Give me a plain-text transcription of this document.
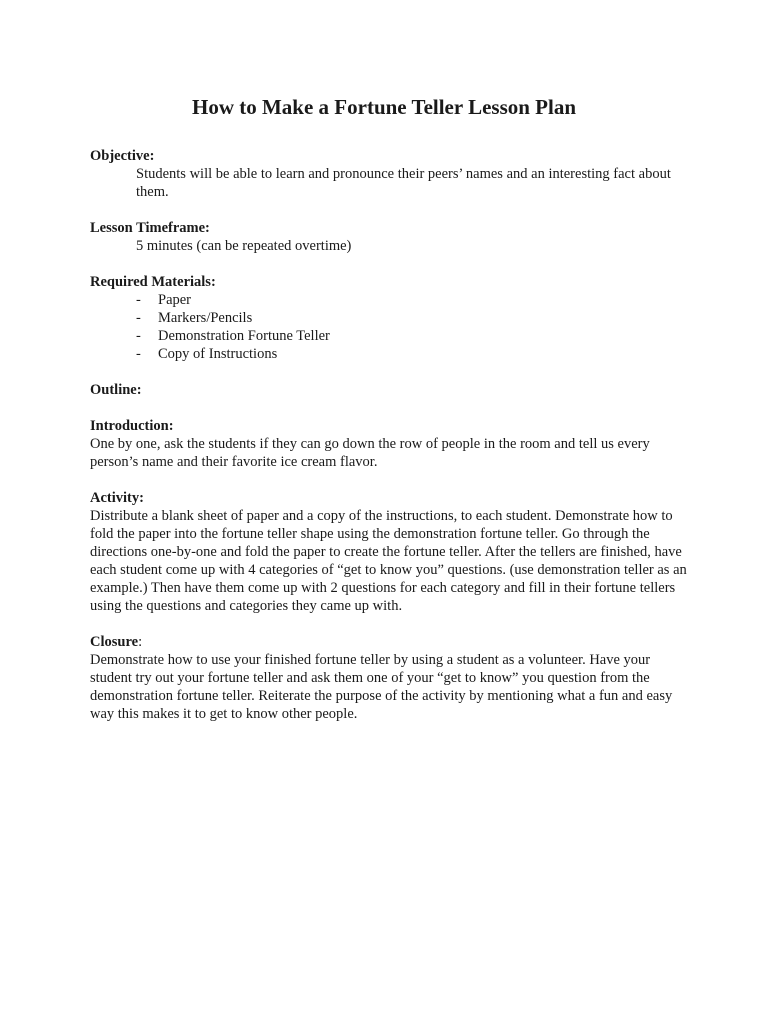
How to Make a Fortune Teller Lesson Plan

Objective:

Students will be able to learn and pronounce their peers’ names and an interesting fact about them.

Lesson Timeframe:

5 minutes (can be repeated overtime)

Required Materials:

-	Paper
-	Markers/Pencils
-	Demonstration Fortune Teller
-	Copy of Instructions

Outline:

Introduction:

One by one, ask the students if they can go down the row of people in the room and tell us every person’s name and their favorite ice cream flavor.

Activity:

Distribute a blank sheet of paper and a copy of the instructions, to each student. Demonstrate how to fold the paper into the fortune teller shape using the demonstration fortune teller. Go through the directions one-by-one and fold the paper to create the fortune teller. After the tellers are finished, have each student come up with 4 categories of “get to know you” questions. (use demonstration teller as an example.) Then have them come up with 2 questions for each category and fill in their fortune tellers using the questions and categories they came up with.

Closure:

Demonstrate how to use your finished fortune teller by using a student as a volunteer. Have your student try out your fortune teller and ask them one of your “get to know” you question from the demonstration fortune teller. Reiterate the purpose of the activity by mentioning what a fun and easy way this makes it to get to know other people.
